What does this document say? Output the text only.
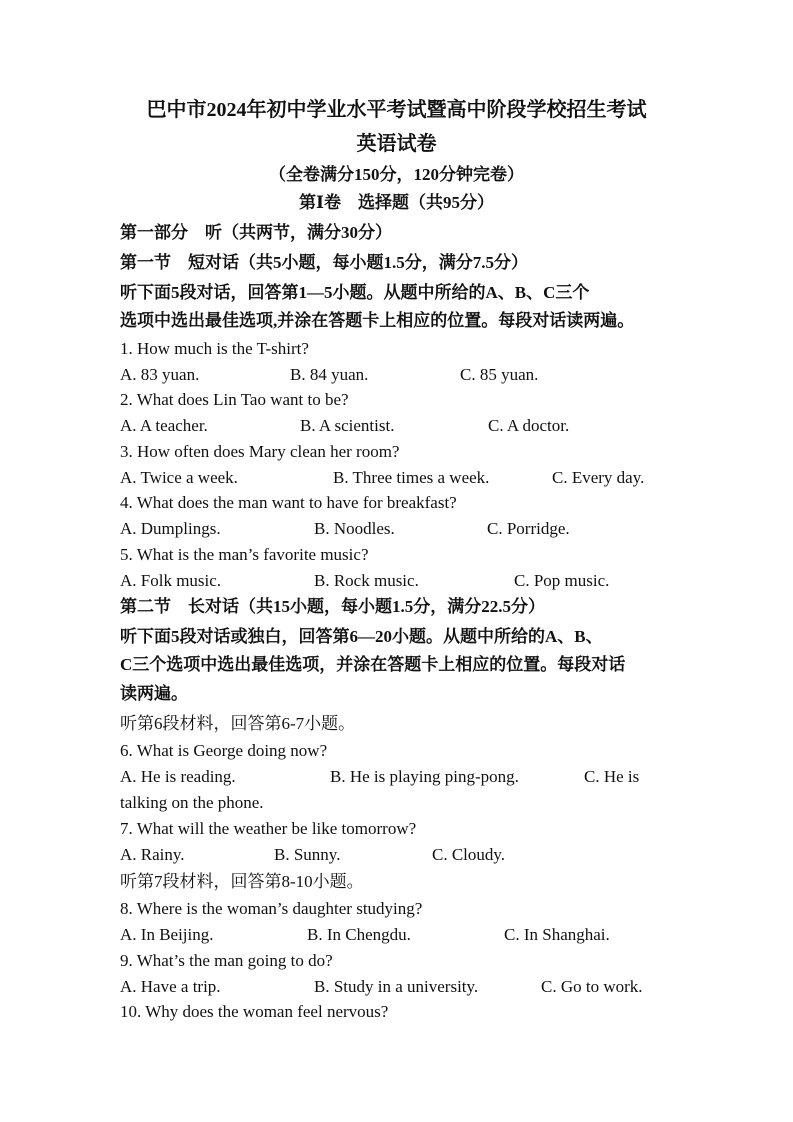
巴中市2024年初中学业水平考试暨高中阶段学校招生考试
英语试卷
（全卷满分150分，120分钟完卷）
第Ⅰ卷　选择题（共95分）
第一部分　听（共两节，满分30分）
第一节　短对话（共5小题，每小题1.5分，满分7.5分）
听下面5段对话，回答第1—5小题。从题中所给的A、B、C三个
选项中选出最佳选项,并涂在答题卡上相应的位置。每段对话读两遍。
1. How much is the T-shirt?
A. 83 yuan.	B. 84 yuan.	C. 85 yuan.
2. What does Lin Tao want to be?
A. A teacher.	B. A scientist.	C. A doctor.
3. How often does Mary clean her room?
A. Twice a week.	B. Three times a week.	C. Every day.
4. What does the man want to have for breakfast?
A. Dumplings.	B. Noodles.	C. Porridge.
5. What is the man’s favorite music?
A. Folk music.	B. Rock music.	C. Pop music.
第二节　长对话（共15小题，每小题1.5分，满分22.5分）
听下面5段对话或独白，回答第6—20小题。从题中所给的A、B、
C三个选项中选出最佳选项，并涂在答题卡上相应的位置。每段对话
读两遍。
听第6段材料，回答第6-7小题。
6. What is George doing now?
A. He is reading.	B. He is playing ping-pong.	C. He is
talking on the phone.
7. What will the weather be like tomorrow?
A. Rainy.	B. Sunny.	C. Cloudy.
听第7段材料，回答第8-10小题。
8. Where is the woman’s daughter studying?
A. In Beijing.	B. In Chengdu.	C. In Shanghai.
9. What’s the man going to do?
A. Have a trip.	B. Study in a university.	C. Go to work.
10. Why does the woman feel nervous?
